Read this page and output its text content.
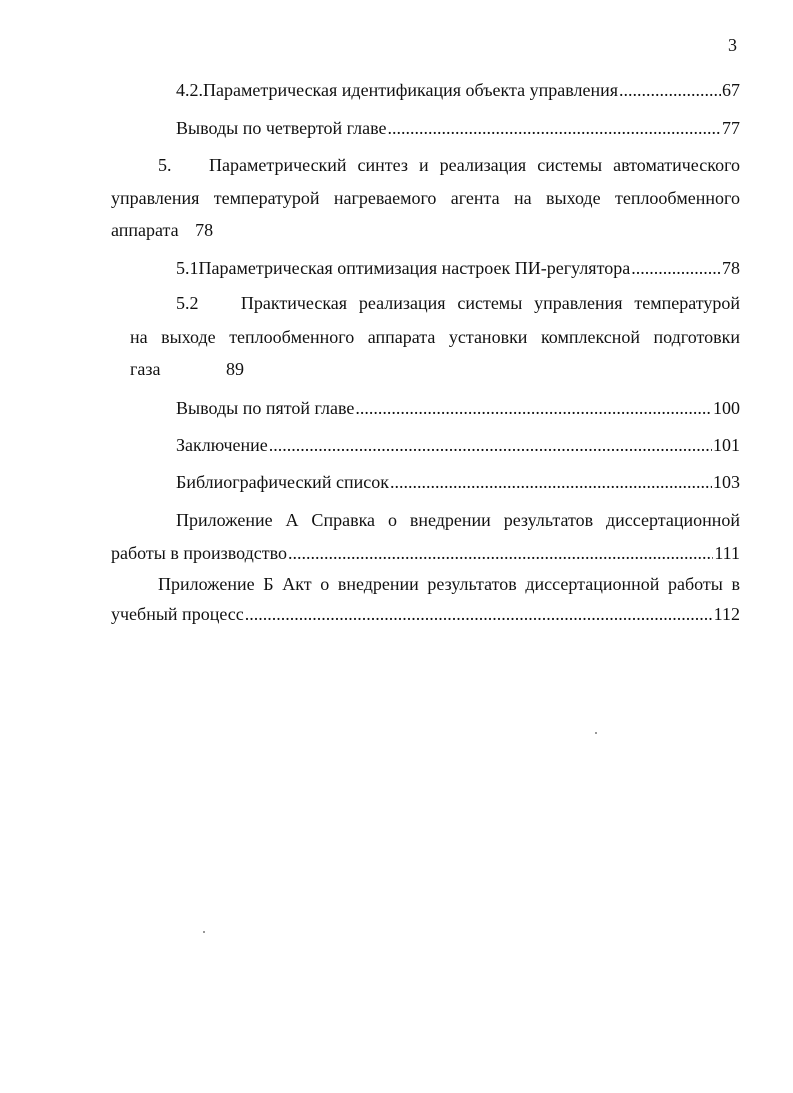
3
4.2. Параметрическая идентификация объекта управления .....	67
Выводы по четвертой главе .....	77
5. Параметрический синтез и реализация системы автоматического
управления температурой нагреваемого агента на выходе теплообменного
аппарата 78
5.1 Параметрическая оптимизация настроек ПИ-регулятора .....	78
5.2 Практическая реализация системы управления температурой
на выходе теплообменного аппарата установки комплексной подготовки
газа	89
Выводы по пятой главе .....	100
Заключение .....	101
Библиографический список .....	103
Приложение А Справка о внедрении результатов диссертационной
работы в производство .....	111
Приложение Б Акт о внедрении результатов диссертационной работы в
учебный процесс .....	112
